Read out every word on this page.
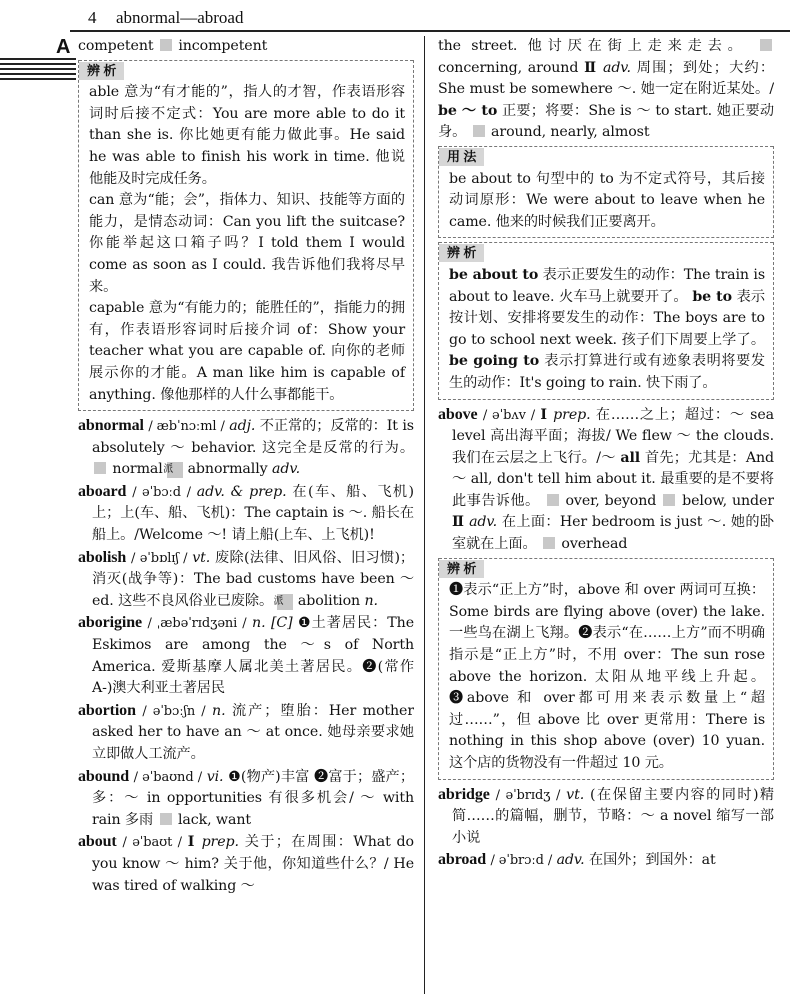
4 abnormal—abroad
A competent incompetent
辨 析

able 意为“有才能的”，指人的才智，作表语形容词时后接不定式：You are more able to do it than she is. 你比她更有能力做此事。He said he was able to finish his work in time. 他说他能及时完成任务。

can 意为“能；会”，指体力、知识、技能等方面的能力，是情态动词：Can you lift the suitcase? 你能举起这口箱子吗？I told them I would come as soon as I could. 我告诉他们我将尽早来。

capable 意为“有能力的；能胜任的”，指能力的拥有，作表语形容词时后接介词 of：Show your teacher what you are capable of. 向你的老师展示你的才能。A man like him is capable of anything. 像他那样的人什么事都能干。

abnormal / æbˈnɔːml / adj. 不正常的；反常的：It is absolutely ～ behavior. 这完全是反常的行为。  normal 派 abnormally adv.
aboard / əˈbɔːd / adv. & prep. 在(车、船、飞机)上；上(车、船、飞机)：The captain is ～. 船长在船上。/Welcome ～! 请上船(上车、上飞机)!
abolish / əˈbɒlɪʃ / vt. 废除(法律、旧风俗、旧习惯)；消灭(战争等)：The bad customs have been ～ed. 这些不良风俗业已废除。 派 abolition n.
aborigine / ˌæbəˈrɪdʒəni / n. [C] ❶土著居民：The Eskimos are among the ～s of North America. 爱斯基摩人属北美土著居民。❷(常作 A-)澳大利亚土著居民
abortion / əˈbɔːʃn / n. 流产；堕胎：Her mother asked her to have an ～ at once. 她母亲要求她立即做人工流产。
abound / əˈbaʊnd / vi. ❶(物产)丰富 ❷富于；盛产；多：～ in opportunities 有很多机会/ ～ with rain 多雨 lack, want
about / əˈbaʊt / Ⅰ prep. 关于；在周围：What do you know ～ him? 关于他，你知道些什么？/ He was tired of walking ～
the street. 他讨厌在街上走来走去。  concerning, around Ⅱ adv. 周围；到处；大约：She must be somewhere ～. 她一定在附近某处。/ be ～ to 正要；将要：She is ～ to start. 她正要动身。 around, nearly, almost
用 法

be about to 句型中的 to 为不定式符号，其后接动词原形：We were about to leave when he came. 他来的时候我们正要离开。

辨 析

be about to 表示正要发生的动作：The train is about to leave. 火车马上就要开了。 be to 表示按计划、安排将要发生的动作：The boys are to go to school next week. 孩子们下周要上学了。 be going to 表示打算进行或有迹象表明将要发生的动作：It's going to rain. 快下雨了。

above / əˈbʌv / Ⅰ prep. 在……之上；超过：～ sea level 高出海平面；海拔/ We flew ～ the clouds. 我们在云层之上飞行。/～ all 首先；尤其是：And ～ all, don't tell him about it. 最重要的是不要将此事告诉他。 over, beyond below, under Ⅱ adv. 在上面：Her bedroom is just ～. 她的卧室就在上面。 overhead
辨 析

❶表示“正上方”时，above 和 over 两词可互换：Some birds are flying above (over) the lake. 一些鸟在湖上飞翔。❷表示“在……上方”而不明确指示是“正上方”时，不用 over：The sun rose above the horizon. 太阳从地平线上升起。❸above 和 over都可用来表示数量上“超过……”，但 above 比 over 更常用：There is nothing in this shop above (over) 10 yuan. 这个店的货物没有一件超过 10 元。

abridge / əˈbrɪdʒ / vt. (在保留主要内容的同时)精简……的篇幅，删节，节略：～ a novel 缩写一部小说
abroad / əˈbrɔːd / adv. 在国外；到国外：at
